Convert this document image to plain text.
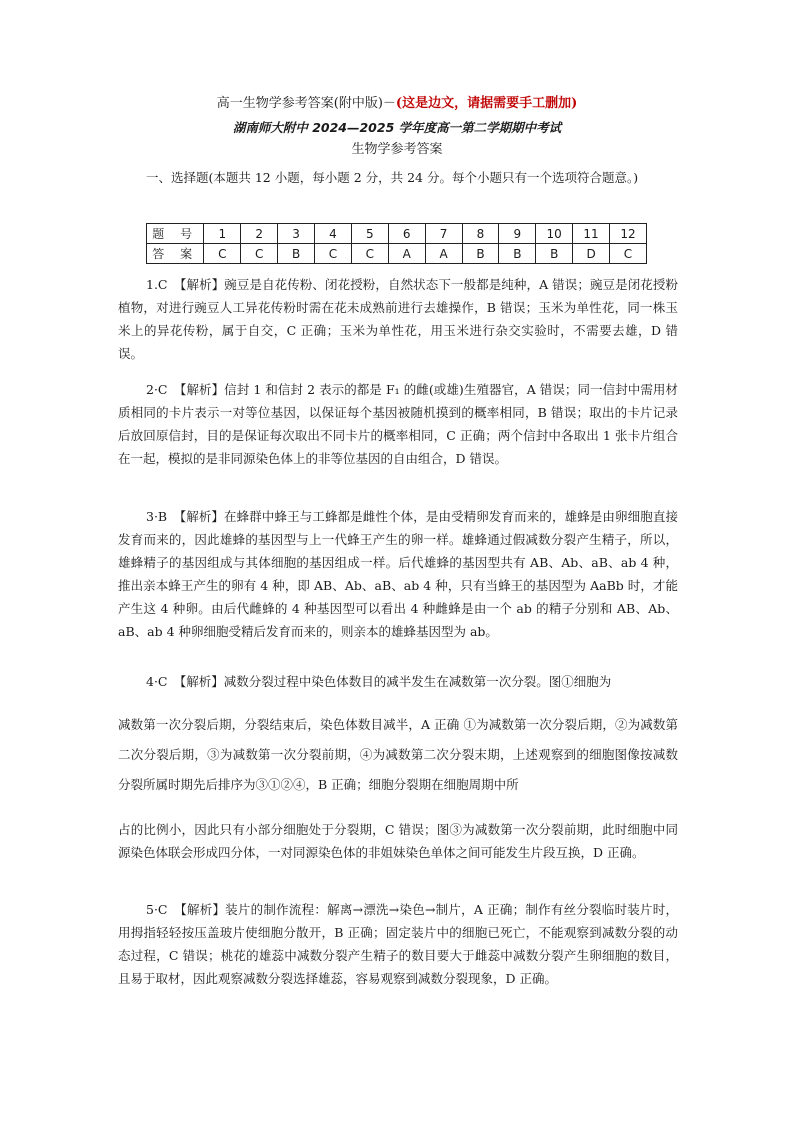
高一生物学参考答案(附中版)－(这是边文，请据需要手工删加)
湖南师大附中 2024—2025 学年度高一第二学期期中考试
生物学参考答案

一、选择题(本题共 12 小题，每小题 2 分，共 24 分。每个小题只有一个选项符合题意。)

题 号	1	2	3	4	5	6	7	8	9	10	11	12
答 案	C	C	B	C	C	A	A	B	B	B	D	C

1.C　【解析】豌豆是自花传粉、闭花授粉，自然状态下一般都是纯种，A 错误；豌豆是闭花授粉植物，对进行豌豆人工异花传粉时需在花未成熟前进行去雄操作，B 错误；玉米为单性花，同一株玉米上的异花传粉，属于自交，C 正确；玉米为单性花，用玉米进行杂交实验时，不需要去雄，D 错误。

2·C　【解析】信封 1 和信封 2 表示的都是 F₁ 的雌(或雄)生殖器官，A 错误；同一信封中需用材质相同的卡片表示一对等位基因，以保证每个基因被随机摸到的概率相同，B 错误；取出的卡片记录后放回原信封，目的是保证每次取出不同卡片的概率相同，C 正确；两个信封中各取出 1 张卡片组合在一起，模拟的是非同源染色体上的非等位基因的自由组合，D 错误。

3·B　【解析】在蜂群中蜂王与工蜂都是雌性个体，是由受精卵发育而来的，雄蜂是由卵细胞直接发育而来的，因此雄蜂的基因型与上一代蜂王产生的卵一样。雄蜂通过假减数分裂产生精子，所以，雄蜂精子的基因组成与其体细胞的基因组成一样。后代雄蜂的基因型共有 AB、Ab、aB、ab 4 种，推出亲本蜂王产生的卵有 4 种，即 AB、Ab、aB、ab 4 种，只有当蜂王的基因型为 AaBb 时，才能产生这 4 种卵。由后代雌蜂的 4 种基因型可以看出 4 种雌蜂是由一个 ab 的精子分别和 AB、Ab、aB、ab 4 种卵细胞受精后发育而来的，则亲本的雄蜂基因型为 ab。

4·C　【解析】减数分裂过程中染色体数目的减半发生在减数第一次分裂。图①细胞为

减数第一次分裂后期，分裂结束后，染色体数目减半，A 正确 ①为减数第一次分裂后期，②为减数第二次分裂后期，③为减数第一次分裂前期，④为减数第二次分裂末期，上述观察到的细胞图像按减数分裂所属时期先后排序为③①②④，B 正确；细胞分裂期在细胞周期中所

占的比例小，因此只有小部分细胞处于分裂期，C 错误；图③为减数第一次分裂前期，此时细胞中同源染色体联会形成四分体，一对同源染色体的非姐妹染色单体之间可能发生片段互换，D 正确。

5·C　【解析】装片的制作流程：解离→漂洗→染色→制片，A 正确；制作有丝分裂临时装片时，用拇指轻轻按压盖玻片使细胞分散开，B 正确；固定装片中的细胞已死亡，不能观察到减数分裂的动态过程，C 错误；桃花的雄蕊中减数分裂产生精子的数目要大于雌蕊中减数分裂产生卵细胞的数目，且易于取材，因此观察减数分裂选择雄蕊，容易观察到减数分裂现象，D 正确。
